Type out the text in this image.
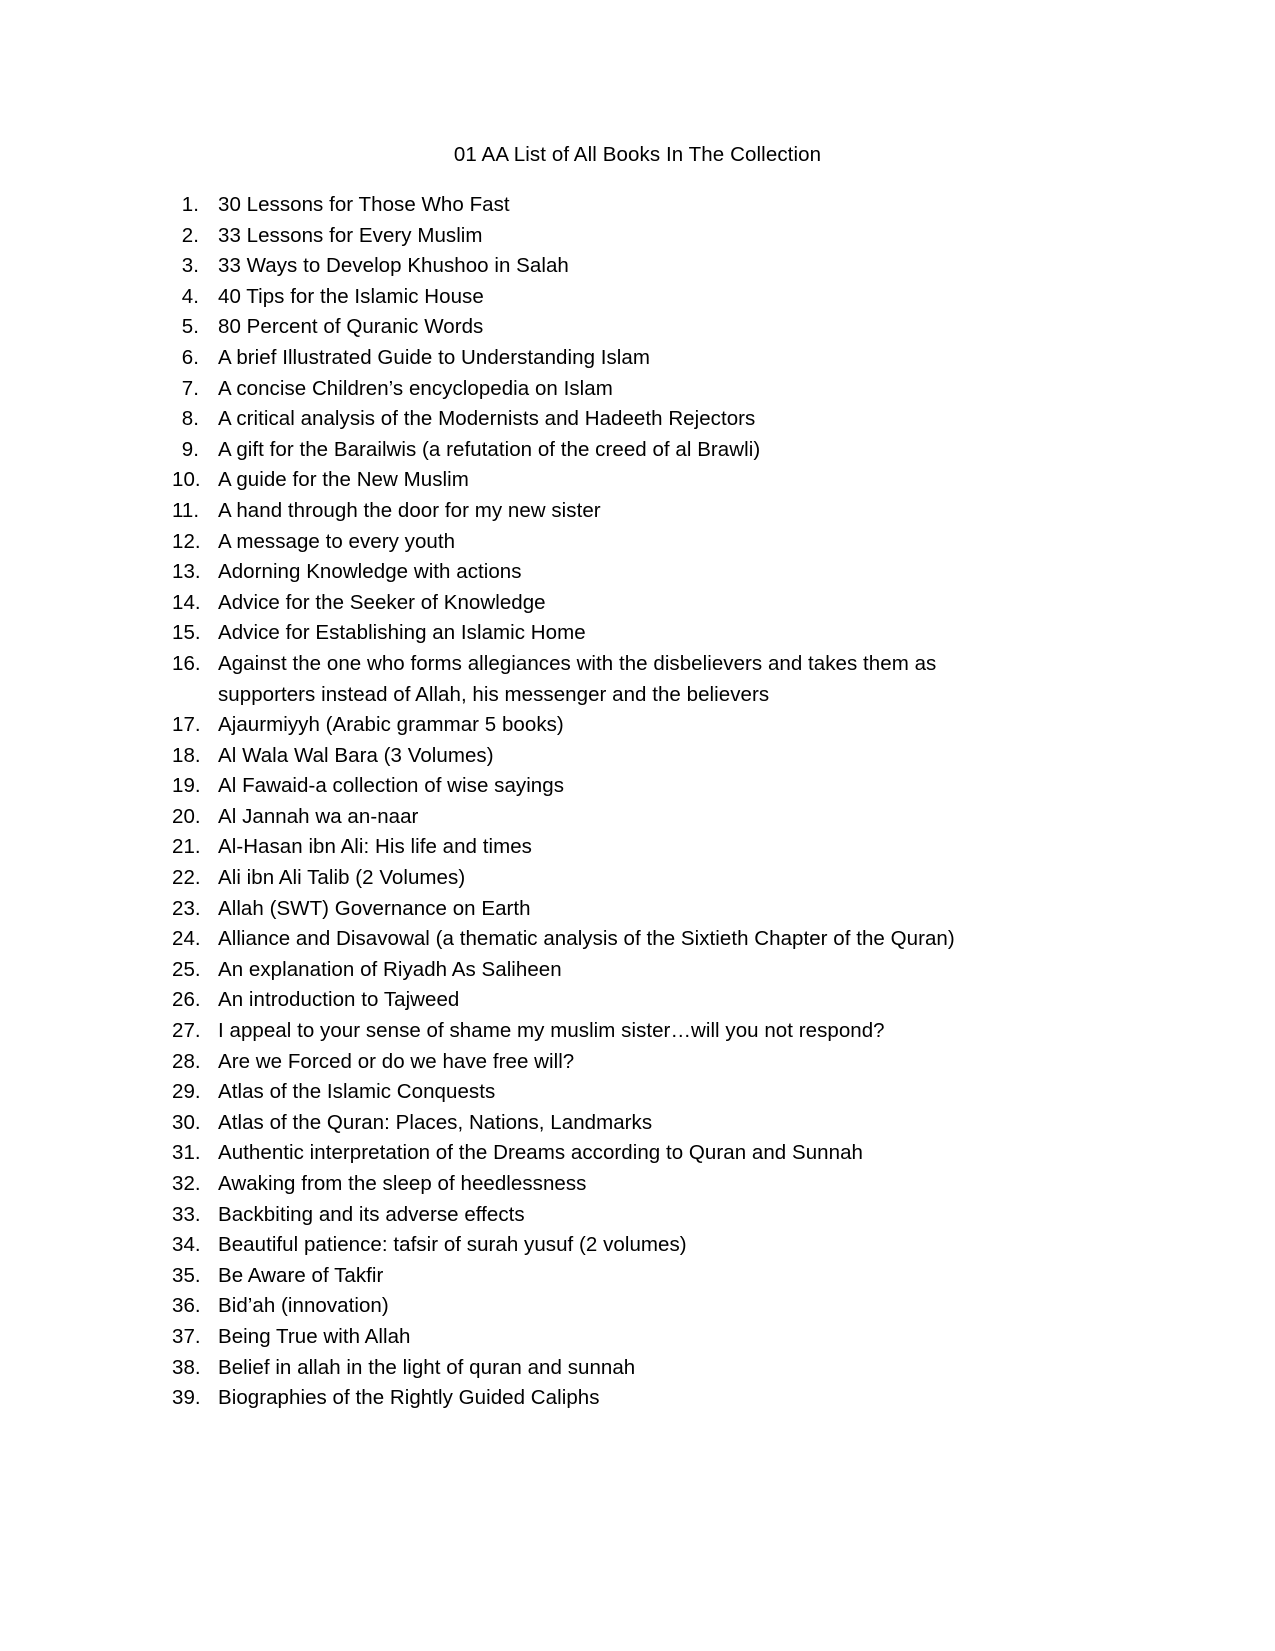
01 AA List of All Books In The Collection
1. 30 Lessons for Those Who Fast
2. 33 Lessons for Every Muslim
3. 33 Ways to Develop Khushoo in Salah
4. 40 Tips for the Islamic House
5. 80 Percent of Quranic Words
6. A brief Illustrated Guide to Understanding Islam
7. A concise Children’s encyclopedia on Islam
8. A critical analysis of the Modernists and Hadeeth Rejectors
9. A gift for the Barailwis (a refutation of the creed of al Brawli)
10. A guide for the New Muslim
11. A hand through the door for my new sister
12. A message to every youth
13. Adorning Knowledge with actions
14. Advice for the Seeker of Knowledge
15. Advice for Establishing an Islamic Home
16. Against the one who forms allegiances with the disbelievers and takes them as supporters instead of Allah, his messenger and the believers
17. Ajaurmiyyh (Arabic grammar 5 books)
18. Al Wala Wal Bara (3 Volumes)
19. Al Fawaid-a collection of wise sayings
20. Al Jannah wa an-naar
21. Al-Hasan ibn Ali: His life and times
22. Ali ibn Ali Talib (2 Volumes)
23. Allah (SWT) Governance on Earth
24. Alliance and Disavowal (a thematic analysis of the Sixtieth Chapter of the Quran)
25. An explanation of Riyadh As Saliheen
26. An introduction to Tajweed
27. I appeal to your sense of shame my muslim sister…will you not respond?
28. Are we Forced or do we have free will?
29. Atlas of the Islamic Conquests
30. Atlas of the Quran: Places, Nations, Landmarks
31. Authentic interpretation of the Dreams according to Quran and Sunnah
32. Awaking from the sleep of heedlessness
33. Backbiting and its adverse effects
34. Beautiful patience: tafsir of surah yusuf (2 volumes)
35. Be Aware of Takfir
36. Bid’ah (innovation)
37. Being True with Allah
38. Belief in allah in the light of quran and sunnah
39. Biographies of the Rightly Guided Caliphs
